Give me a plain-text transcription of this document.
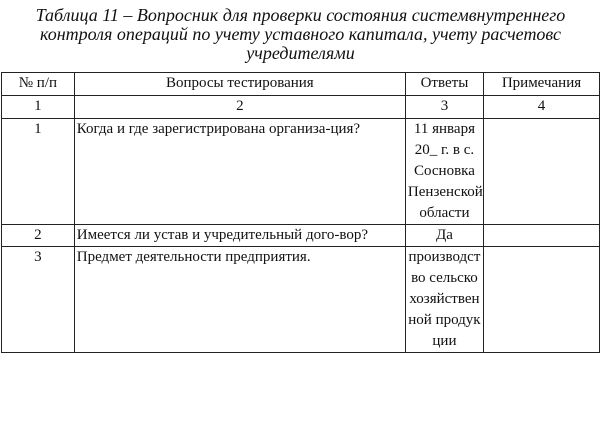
Таблица 11 – Вопросник для проверки состояния системвнутреннего
контроля операций по учету уставного капитала, учету расчетовс
учредителями

№ п/п	Вопросы тестирования	Ответы	Примечания
1	2	3	4
1	Когда и где зарегистрирована организа-ция?	11 января 20_ г. в с. Сосновка Пензенской области	
2	Имеется ли устав и учредительный дого-вор?	Да	
3	Предмет деятельности предприятия.	производство сельскохозяйственной продукции	
